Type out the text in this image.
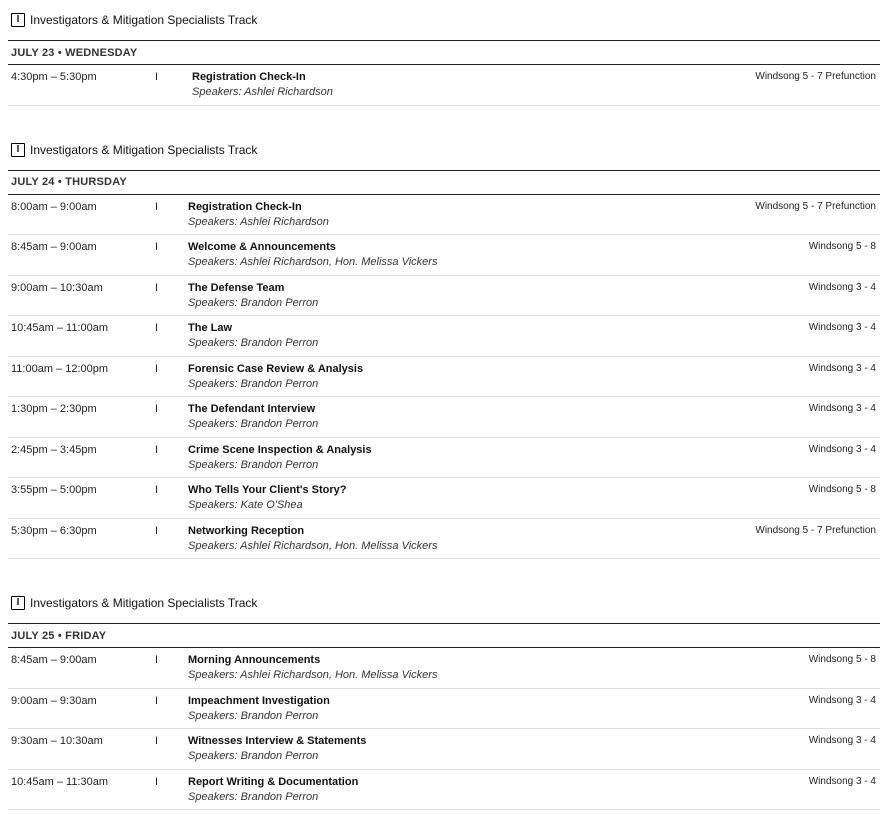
I Investigators & Mitigation Specialists Track
JULY 23 • WEDNESDAY
4:30pm – 5:30pm	I	Registration Check-In
Speakers: Ashlei Richardson
Windsong 5 - 7 Prefunction
I Investigators & Mitigation Specialists Track
JULY 24 • THURSDAY
8:00am – 9:00am	I	Registration Check-In
Speakers: Ashlei Richardson
Windsong 5 - 7 Prefunction
8:45am – 9:00am	I	Welcome & Announcements
Speakers: Ashlei Richardson, Hon. Melissa Vickers
Windsong 5 - 8
9:00am – 10:30am	I	The Defense Team
Speakers: Brandon Perron
Windsong 3 - 4
10:45am – 11:00am	I	The Law
Speakers: Brandon Perron
Windsong 3 - 4
11:00am – 12:00pm	I	Forensic Case Review & Analysis
Speakers: Brandon Perron
Windsong 3 - 4
1:30pm – 2:30pm	I	The Defendant Interview
Speakers: Brandon Perron
Windsong 3 - 4
2:45pm – 3:45pm	I	Crime Scene Inspection & Analysis
Speakers: Brandon Perron
Windsong 3 - 4
3:55pm – 5:00pm	I	Who Tells Your Client's Story?
Speakers: Kate O'Shea
Windsong 5 - 8
5:30pm – 6:30pm	I	Networking Reception
Speakers: Ashlei Richardson, Hon. Melissa Vickers
Windsong 5 - 7 Prefunction
I Investigators & Mitigation Specialists Track
JULY 25 • FRIDAY
8:45am – 9:00am	I	Morning Announcements
Speakers: Ashlei Richardson, Hon. Melissa Vickers
Windsong 5 - 8
9:00am – 9:30am	I	Impeachment Investigation
Speakers: Brandon Perron
Windsong 3 - 4
9:30am – 10:30am	I	Witnesses Interview & Statements
Speakers: Brandon Perron
Windsong 3 - 4
10:45am – 11:30am	I	Report Writing & Documentation
Speakers: Brandon Perron
Windsong 3 - 4
